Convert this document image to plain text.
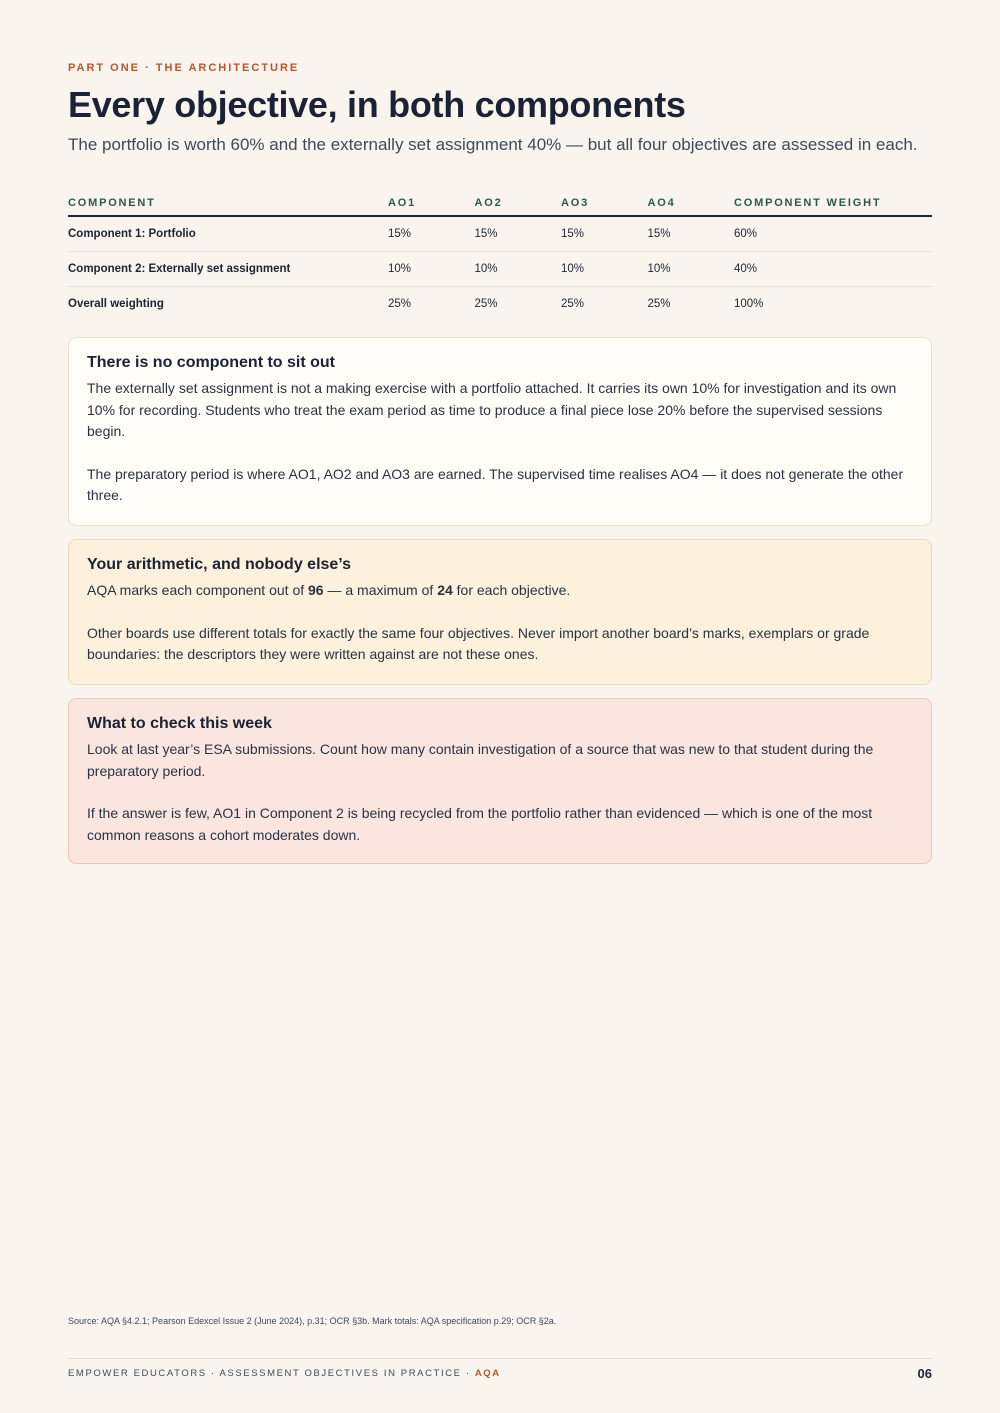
PART ONE · THE ARCHITECTURE
Every objective, in both components

The portfolio is worth 60% and the externally set assignment 40% — but all four objectives are assessed in each.

COMPONENT	AO1	AO2	AO3	AO4	COMPONENT WEIGHT
Component 1: Portfolio	15%	15%	15%	15%	60%
Component 2: Externally set assignment	10%	10%	10%	10%	40%
Overall weighting	25%	25%	25%	25%	100%
There is no component to sit out

The externally set assignment is not a making exercise with a portfolio attached. It carries its own 10% for investigation and its own 10% for recording. Students who treat the exam period as time to produce a final piece lose 20% before the supervised sessions begin.

The preparatory period is where AO1, AO2 and AO3 are earned. The supervised time realises AO4 — it does not generate the other three.

Your arithmetic, and nobody else’s

AQA marks each component out of 96 — a maximum of 24 for each objective.

Other boards use different totals for exactly the same four objectives. Never import another board’s marks, exemplars or grade boundaries: the descriptors they were written against are not these ones.

What to check this week

Look at last year’s ESA submissions. Count how many contain investigation of a source that was new to that student during the preparatory period.

If the answer is few, AO1 in Component 2 is being recycled from the portfolio rather than evidenced — which is one of the most common reasons a cohort moderates down.

Source: AQA §4.2.1; Pearson Edexcel Issue 2 (June 2024), p.31; OCR §3b. Mark totals: AQA specification p.29; OCR §2a.
EMPOWER EDUCATORS · ASSESSMENT OBJECTIVES IN PRACTICE · AQA	06
